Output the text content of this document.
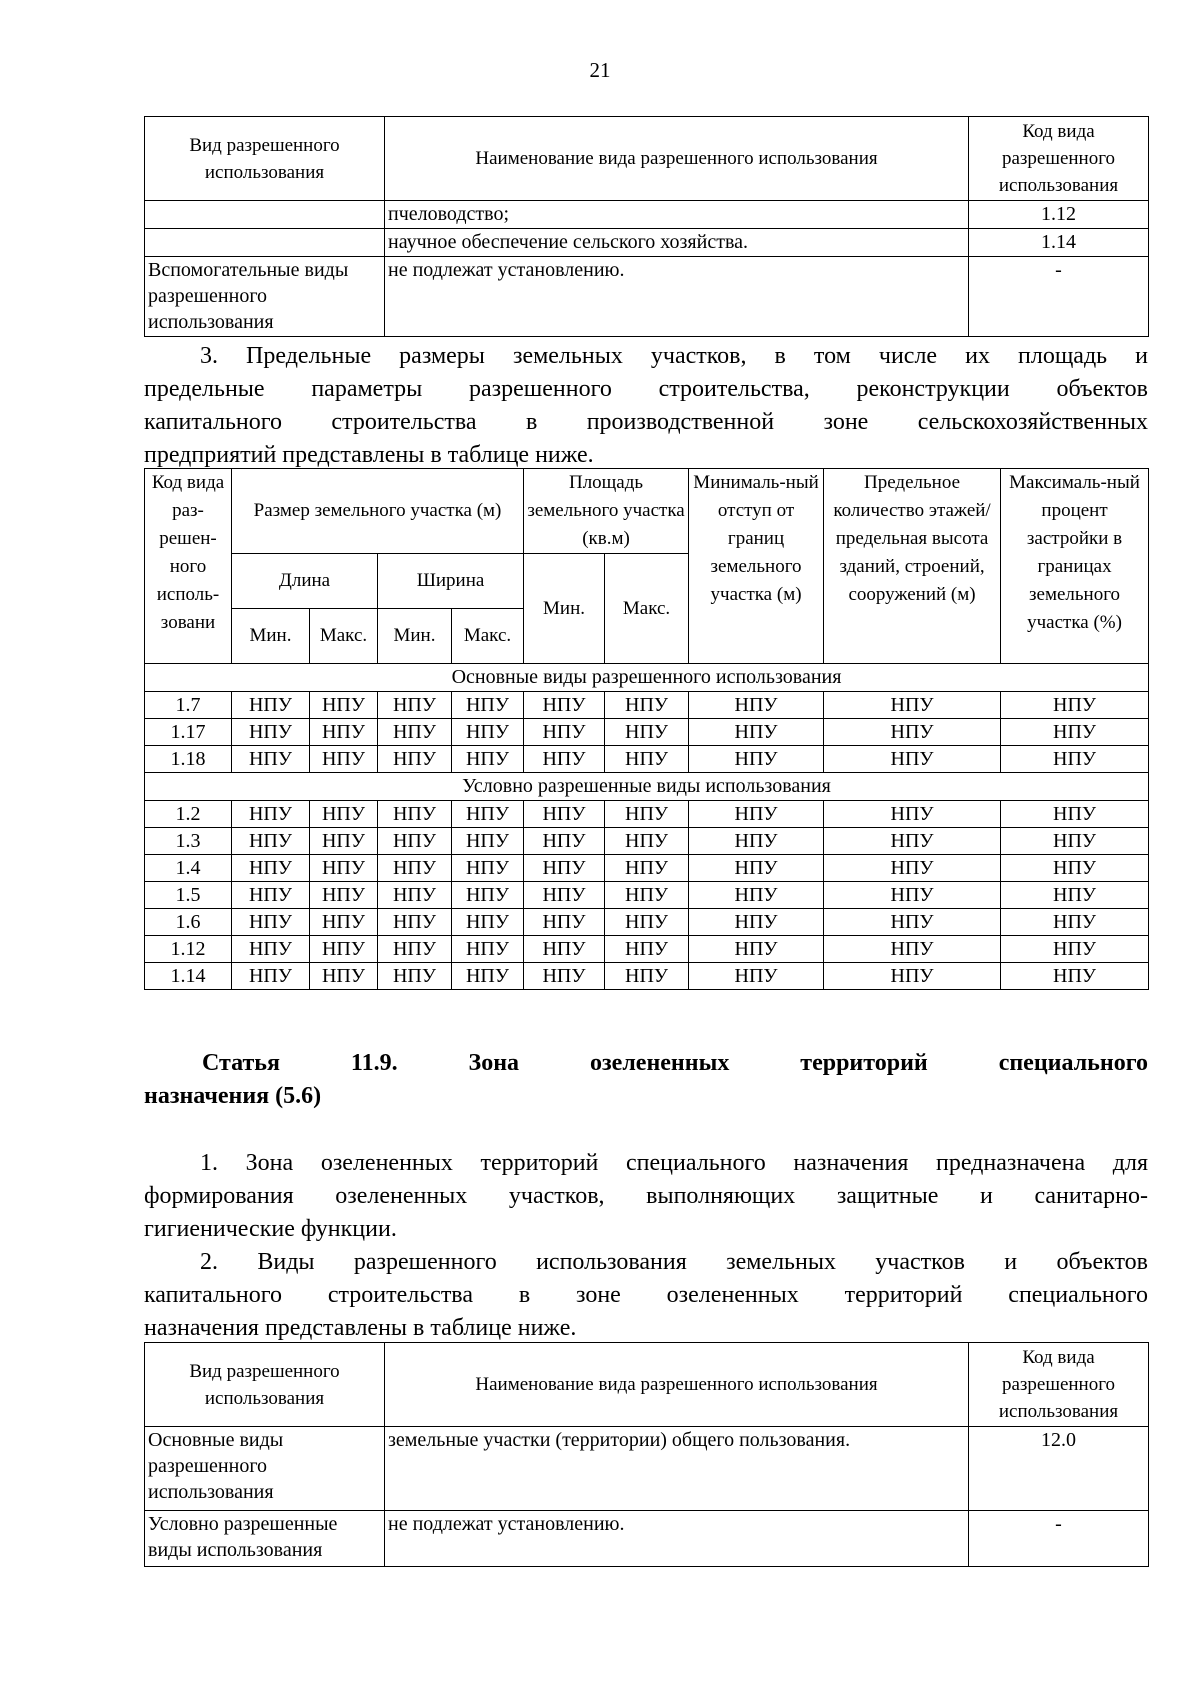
21
Вид разрешенного использования	Наименование вида разрешенного использования	Код вида разрешенного использования
	пчеловодство;	1.12
	научное обеспечение сельского хозяйства.	1.14
Вспомогательные виды разрешенного использования	не подлежат установлению.	-
3. Предельные размеры земельных участков, в том числе их площадь и
предельные параметры разрешенного строительства, реконструкции объектов
капитального строительства в производственной зоне сельскохозяйственных
предприятий представлены в таблице ниже.
Код вида раз-решен-ного исполь-зовани	Размер земельного участка (м)				Площадь земельного участка (кв.м)		Минималь-ный отступ от границ земельного участка (м)	Предельное количество этажей/ предельная высота зданий, строений, сооружений (м)	Максималь-ный процент застройки в границах земельного участка (%)
	Длина		Ширина		Мин.	Макс.			
	Мин.	Макс.	Мин.	Макс.					
Основные виды разрешенного использования									
1.7	НПУ	НПУ	НПУ	НПУ	НПУ	НПУ	НПУ	НПУ	НПУ
1.17	НПУ	НПУ	НПУ	НПУ	НПУ	НПУ	НПУ	НПУ	НПУ
1.18	НПУ	НПУ	НПУ	НПУ	НПУ	НПУ	НПУ	НПУ	НПУ
Условно разрешенные виды использования									
1.2	НПУ	НПУ	НПУ	НПУ	НПУ	НПУ	НПУ	НПУ	НПУ
1.3	НПУ	НПУ	НПУ	НПУ	НПУ	НПУ	НПУ	НПУ	НПУ
1.4	НПУ	НПУ	НПУ	НПУ	НПУ	НПУ	НПУ	НПУ	НПУ
1.5	НПУ	НПУ	НПУ	НПУ	НПУ	НПУ	НПУ	НПУ	НПУ
1.6	НПУ	НПУ	НПУ	НПУ	НПУ	НПУ	НПУ	НПУ	НПУ
1.12	НПУ	НПУ	НПУ	НПУ	НПУ	НПУ	НПУ	НПУ	НПУ
1.14	НПУ	НПУ	НПУ	НПУ	НПУ	НПУ	НПУ	НПУ	НПУ
Статья 11.9. Зона озелененных территорий специального
назначения (5.6)
1. Зона озелененных территорий специального назначения предназначена для
формирования озелененных участков, выполняющих защитные и санитарно-
гигиенические функции.
2. Виды разрешенного использования земельных участков и объектов
капитального строительства в зоне озелененных территорий специального
назначения представлены в таблице ниже.
Вид разрешенного использования	Наименование вида разрешенного использования	Код вида разрешенного использования
Основные виды разрешенного использования	земельные участки (территории) общего пользования.	12.0
Условно разрешенные виды использования	не подлежат установлению.	-
